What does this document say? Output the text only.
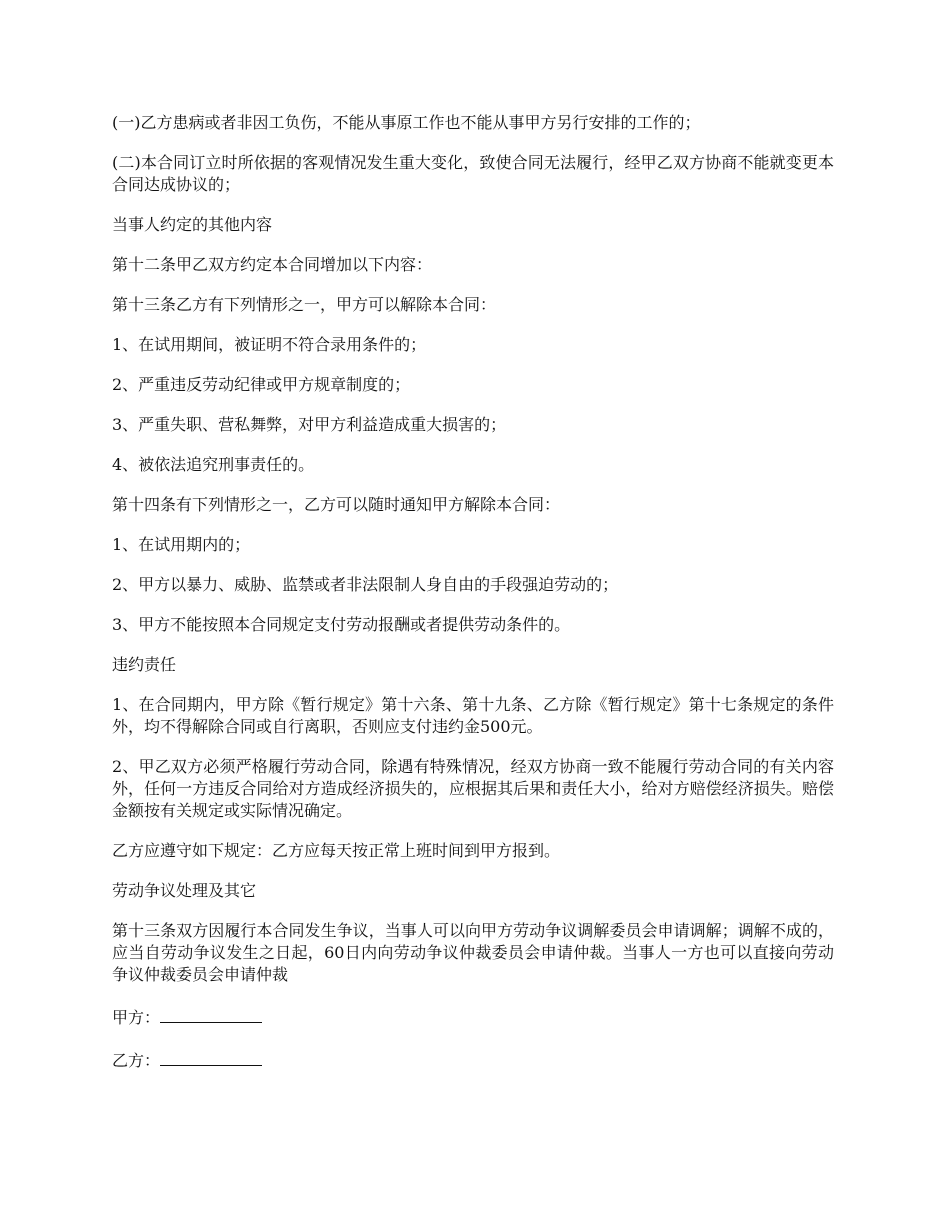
(一)乙方患病或者非因工负伤，不能从事原工作也不能从事甲方另行安排的工作的；

(二)本合同订立时所依据的客观情况发生重大变化，致使合同无法履行，经甲乙双方协商不能就变更本合同达成协议的；

当事人约定的其他内容

第十二条甲乙双方约定本合同增加以下内容：

第十三条乙方有下列情形之一，甲方可以解除本合同：

1、在试用期间，被证明不符合录用条件的；

2、严重违反劳动纪律或甲方规章制度的；

3、严重失职、营私舞弊，对甲方利益造成重大损害的；

4、被依法追究刑事责任的。

第十四条有下列情形之一，乙方可以随时通知甲方解除本合同：

1、在试用期内的；

2、甲方以暴力、威胁、监禁或者非法限制人身自由的手段强迫劳动的；

3、甲方不能按照本合同规定支付劳动报酬或者提供劳动条件的。

违约责任

1、在合同期内，甲方除《暂行规定》第十六条、第十九条、乙方除《暂行规定》第十七条规定的条件外，均不得解除合同或自行离职，否则应支付违约金500元。

2、甲乙双方必须严格履行劳动合同，除遇有特殊情况，经双方协商一致不能履行劳动合同的有关内容外，任何一方违反合同给对方造成经济损失的，应根据其后果和责任大小，给对方赔偿经济损失。赔偿金额按有关规定或实际情况确定。

乙方应遵守如下规定：乙方应每天按正常上班时间到甲方报到。

劳动争议处理及其它

第十三条双方因履行本合同发生争议，当事人可以向甲方劳动争议调解委员会申请调解；调解不成的，应当自劳动争议发生之日起，60日内向劳动争议仲裁委员会申请仲裁。当事人一方也可以直接向劳动争议仲裁委员会申请仲裁

甲方：

乙方：
